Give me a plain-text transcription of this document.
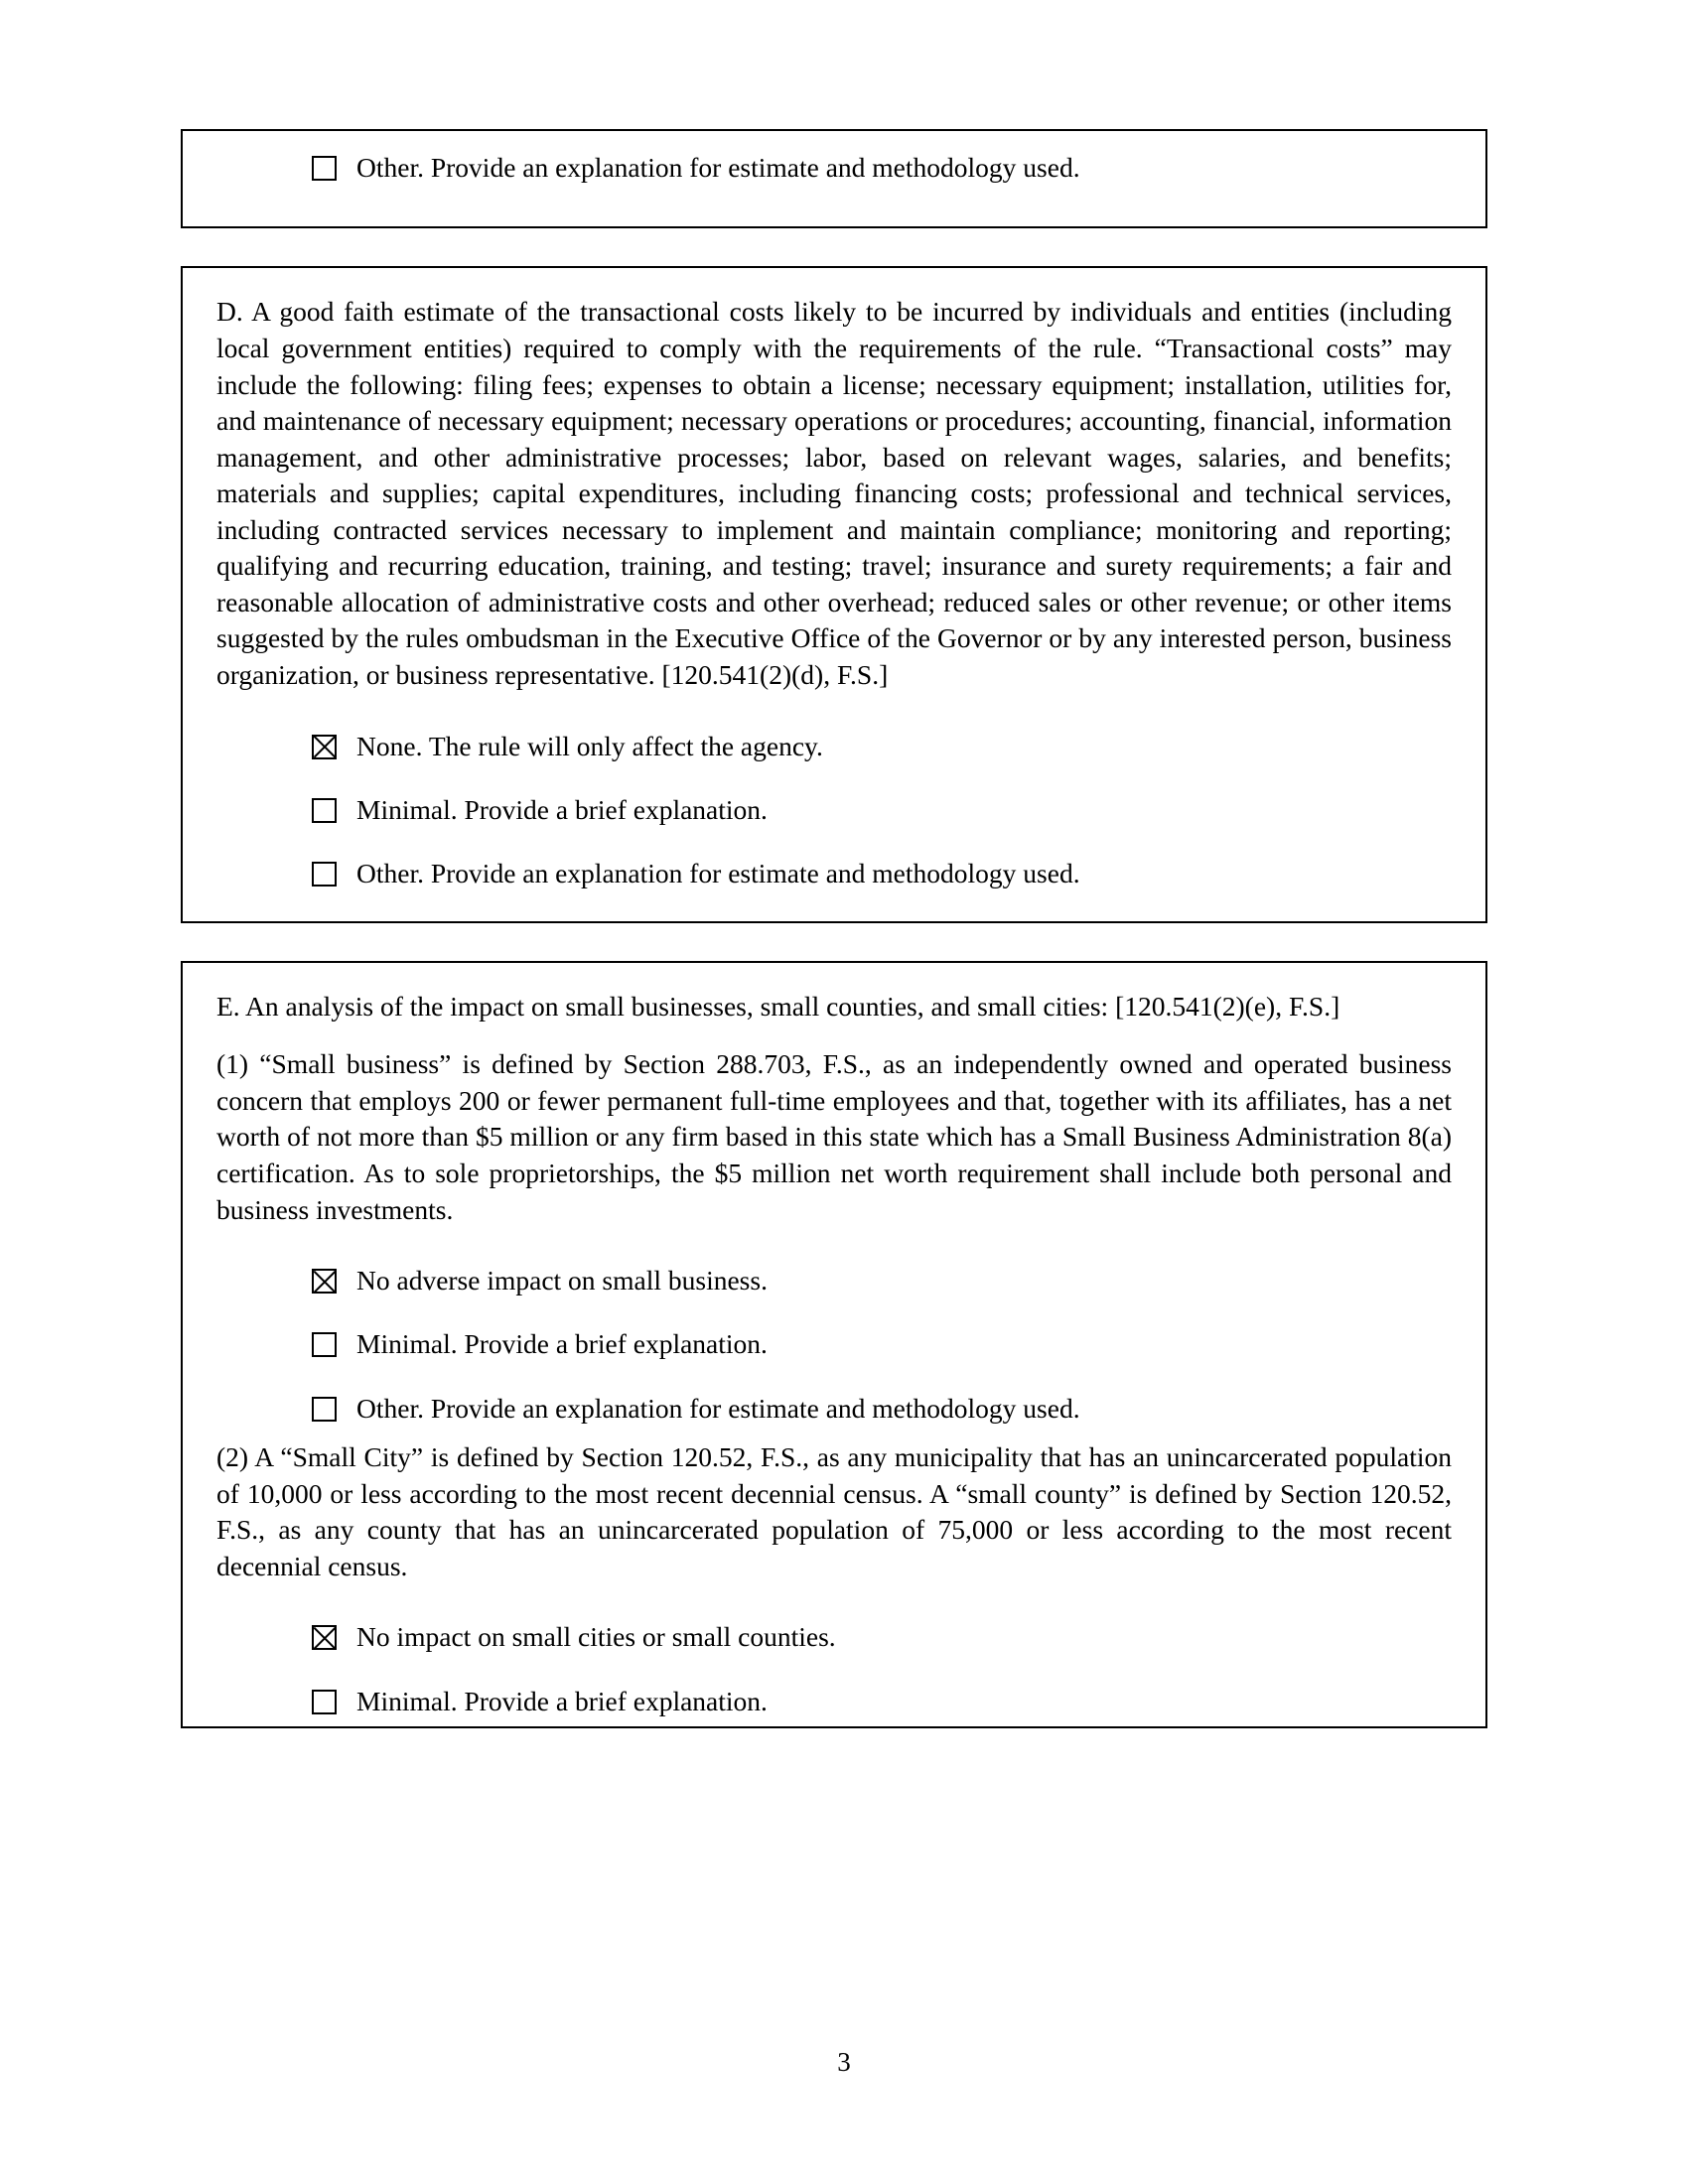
Other. Provide an explanation for estimate and methodology used.

D. A good faith estimate of the transactional costs likely to be incurred by individuals and entities (including local government entities) required to comply with the requirements of the rule. “Transactional costs” may include the following: filing fees; expenses to obtain a license; necessary equipment; installation, utilities for, and maintenance of necessary equipment; necessary operations or procedures; accounting, financial, information management, and other administrative processes; labor, based on relevant wages, salaries, and benefits; materials and supplies; capital expenditures, including financing costs; professional and technical services, including contracted services necessary to implement and maintain compliance; monitoring and reporting; qualifying and recurring education, training, and testing; travel; insurance and surety requirements; a fair and reasonable allocation of administrative costs and other overhead; reduced sales or other revenue; or other items suggested by the rules ombudsman in the Executive Office of the Governor or by any interested person, business organization, or business representative. [120.541(2)(d), F.S.]

None. The rule will only affect the agency.
Minimal. Provide a brief explanation.
Other. Provide an explanation for estimate and methodology used.

E. An analysis of the impact on small businesses, small counties, and small cities: [120.541(2)(e), F.S.]

(1) “Small business” is defined by Section 288.703, F.S., as an independently owned and operated business concern that employs 200 or fewer permanent full-time employees and that, together with its affiliates, has a net worth of not more than $5 million or any firm based in this state which has a Small Business Administration 8(a) certification. As to sole proprietorships, the $5 million net worth requirement shall include both personal and business investments.

No adverse impact on small business.
Minimal. Provide a brief explanation.
Other. Provide an explanation for estimate and methodology used.

(2) A “Small City” is defined by Section 120.52, F.S., as any municipality that has an unincarcerated population of 10,000 or less according to the most recent decennial census. A “small county” is defined by Section 120.52, F.S., as any county that has an unincarcerated population of 75,000 or less according to the most recent decennial census.

No impact on small cities or small counties.
Minimal. Provide a brief explanation.
3
